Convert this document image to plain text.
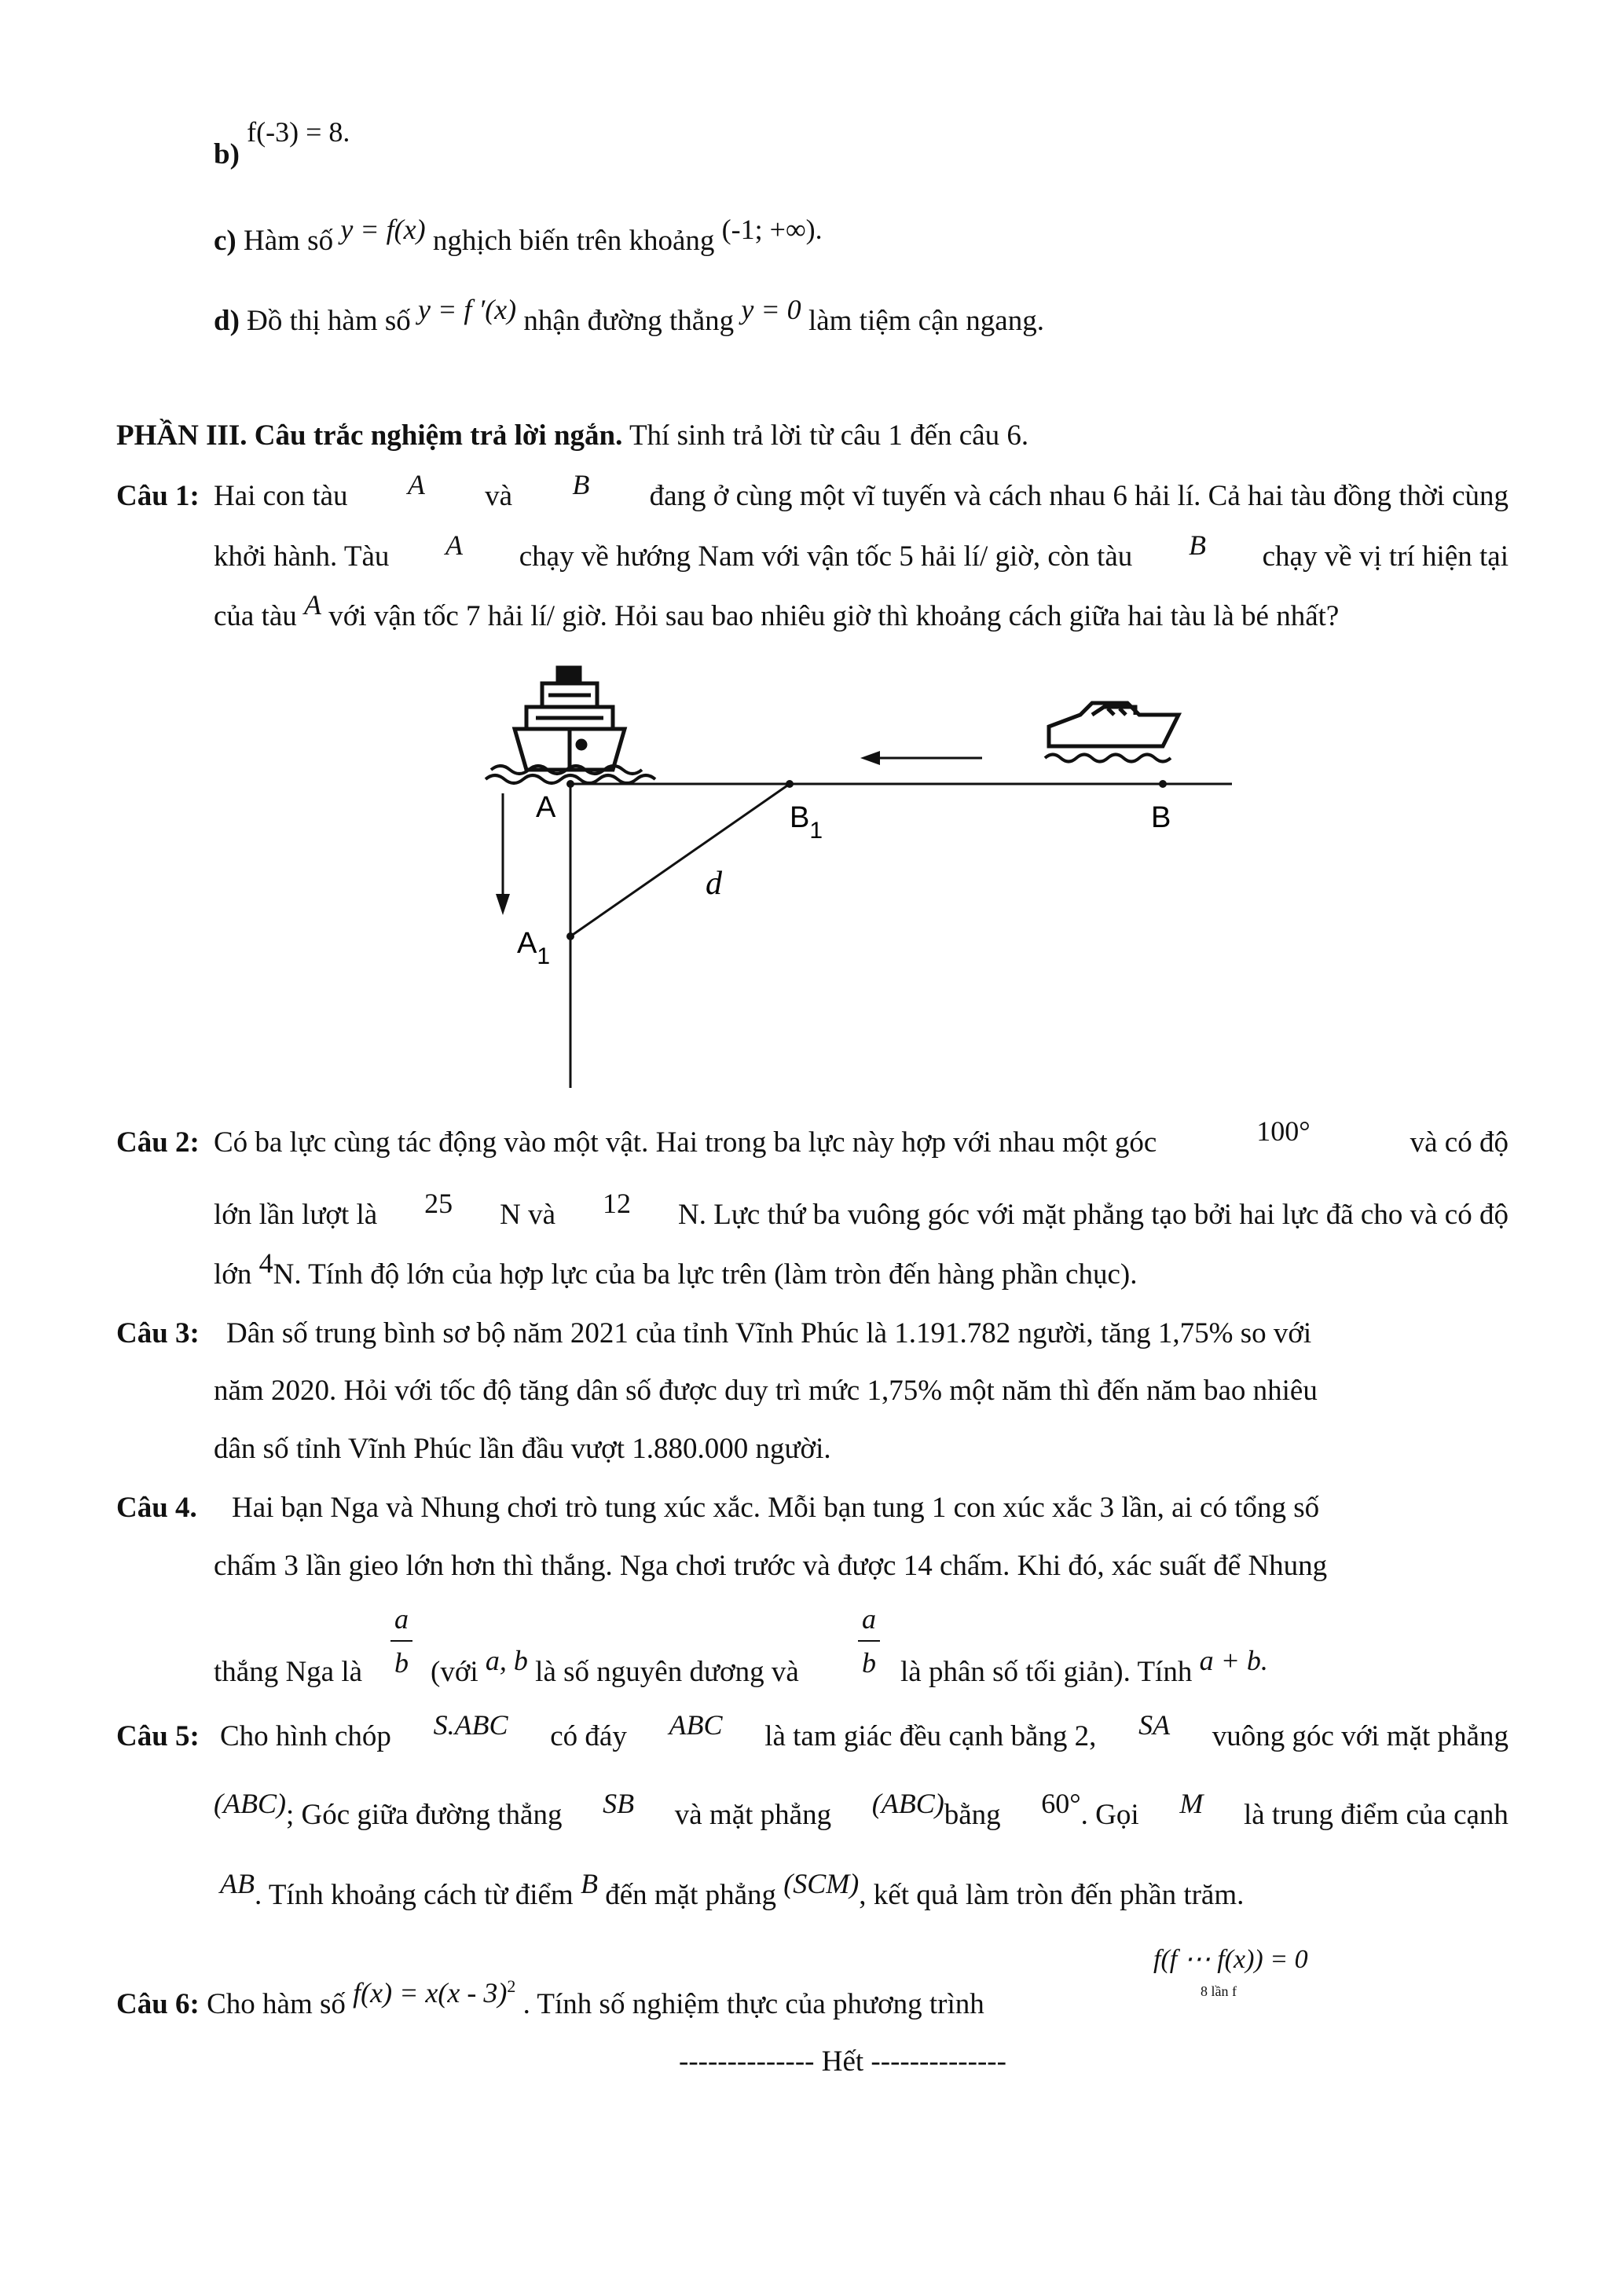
b) f(-3) = 8.
c) Hàm số y = f(x) nghịch biến trên khoảng (-1; +∞).
d) Đồ thị hàm số y = f ′(x) nhận đường thẳng y = 0 làm tiệm cận ngang.
PHẦN III. Câu trắc nghiệm trả lời ngắn. Thí sinh trả lời từ câu 1 đến câu 6.
Câu 1: Hai con tàu A và B đang ở cùng một vĩ tuyến và cách nhau 6 hải lí. Cả hai tàu đồng thời cùng
khởi hành. Tàu A chạy về hướng Nam với vận tốc 5 hải lí/ giờ, còn tàu B chạy về vị trí hiện tại
của tàu A với vận tốc 7 hải lí/ giờ. Hỏi sau bao nhiêu giờ thì khoảng cách giữa hai tàu là bé nhất?
A	$B_1$	B
$A_1$
d
Câu 2: Có ba lực cùng tác động vào một vật. Hai trong ba lực này hợp với nhau một góc	100°	và có độ
lớn lần lượt là 25 N và 12 N. Lực thứ ba vuông góc với mặt phẳng tạo bởi hai lực đã cho và có độ
lớn 4N. Tính độ lớn của hợp lực của ba lực trên (làm tròn đến hàng phần chục).
Câu 3: Dân số trung bình sơ bộ năm 2021 của tỉnh Vĩnh Phúc là 1.191.782 người, tăng 1,75% so với
năm 2020. Hỏi với tốc độ tăng dân số được duy trì mức 1,75% một năm thì đến năm bao nhiêu
dân số tỉnh Vĩnh Phúc lần đầu vượt 1.880.000 người.
Câu 4. Hai bạn Nga và Nhung chơi trò tung xúc xắc. Mỗi bạn tung 1 con xúc xắc 3 lần, ai có tổng số
chấm 3 lần gieo lớn hơn thì thắng. Nga chơi trước và được 14 chấm. Khi đó, xác suất để Nhung
thắng Nga là
a
b (với a, b là số nguyên dương và
a
b là phân số tối giản). Tính a + b.
Câu 5: Cho hình chóp S.ABC có đáy ABC là tam giác đều cạnh bằng 2, SA vuông góc với mặt phẳng
(ABC); Góc giữa đường thẳng SB và mặt phẳng (ABC)bằng 60°. Gọi M là trung điểm của cạnh
AB. Tính khoảng cách từ điểm B đến mặt phẳng (SCM), kết quả làm tròn đến phần trăm.
Câu 6: Cho hàm số f(x) = x(x - 3)$^2$ . Tính số nghiệm thực của phương trình
f(f ⋯ f(x)) = 0
8 lần f
-------------- Hết --------------
